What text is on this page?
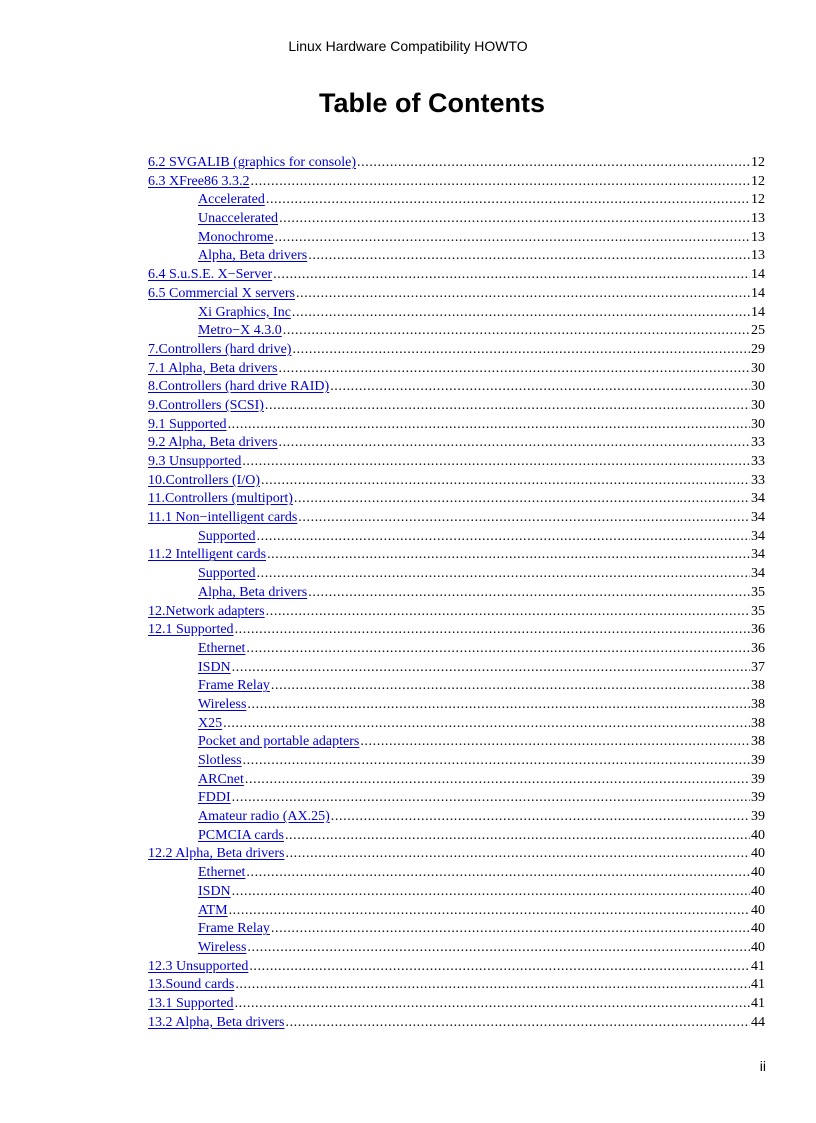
Linux Hardware Compatibility HOWTO
Table of Contents
6.2 SVGALIB (graphics for console) .....	12
6.3 XFree86 3.3.2 .....	12
Accelerated .....	12
Unaccelerated .....	13
Monochrome .....	13
Alpha, Beta drivers .....	13
6.4 S.u.S.E. X−Server .....	14
6.5 Commercial X servers .....	14
Xi Graphics, Inc .....	14
Metro−X 4.3.0 .....	25
7.Controllers (hard drive) .....	29
7.1 Alpha, Beta drivers .....	30
8.Controllers (hard drive RAID) .....	30
9.Controllers (SCSI) .....	30
9.1 Supported .....	30
9.2 Alpha, Beta drivers .....	33
9.3 Unsupported .....	33
10.Controllers (I/O) .....	33
11.Controllers (multiport) .....	34
11.1 Non−intelligent cards .....	34
Supported .....	34
11.2 Intelligent cards .....	34
Supported .....	34
Alpha, Beta drivers .....	35
12.Network adapters .....	35
12.1 Supported .....	36
Ethernet .....	36
ISDN .....	37
Frame Relay .....	38
Wireless .....	38
X25 .....	38
Pocket and portable adapters .....	38
Slotless .....	39
ARCnet .....	39
FDDI .....	39
Amateur radio (AX.25) .....	39
PCMCIA cards .....	40
12.2 Alpha, Beta drivers .....	40
Ethernet .....	40
ISDN .....	40
ATM .....	40
Frame Relay .....	40
Wireless .....	40
12.3 Unsupported .....	41
13.Sound cards .....	41
13.1 Supported .....	41
13.2 Alpha, Beta drivers .....	44
ii
